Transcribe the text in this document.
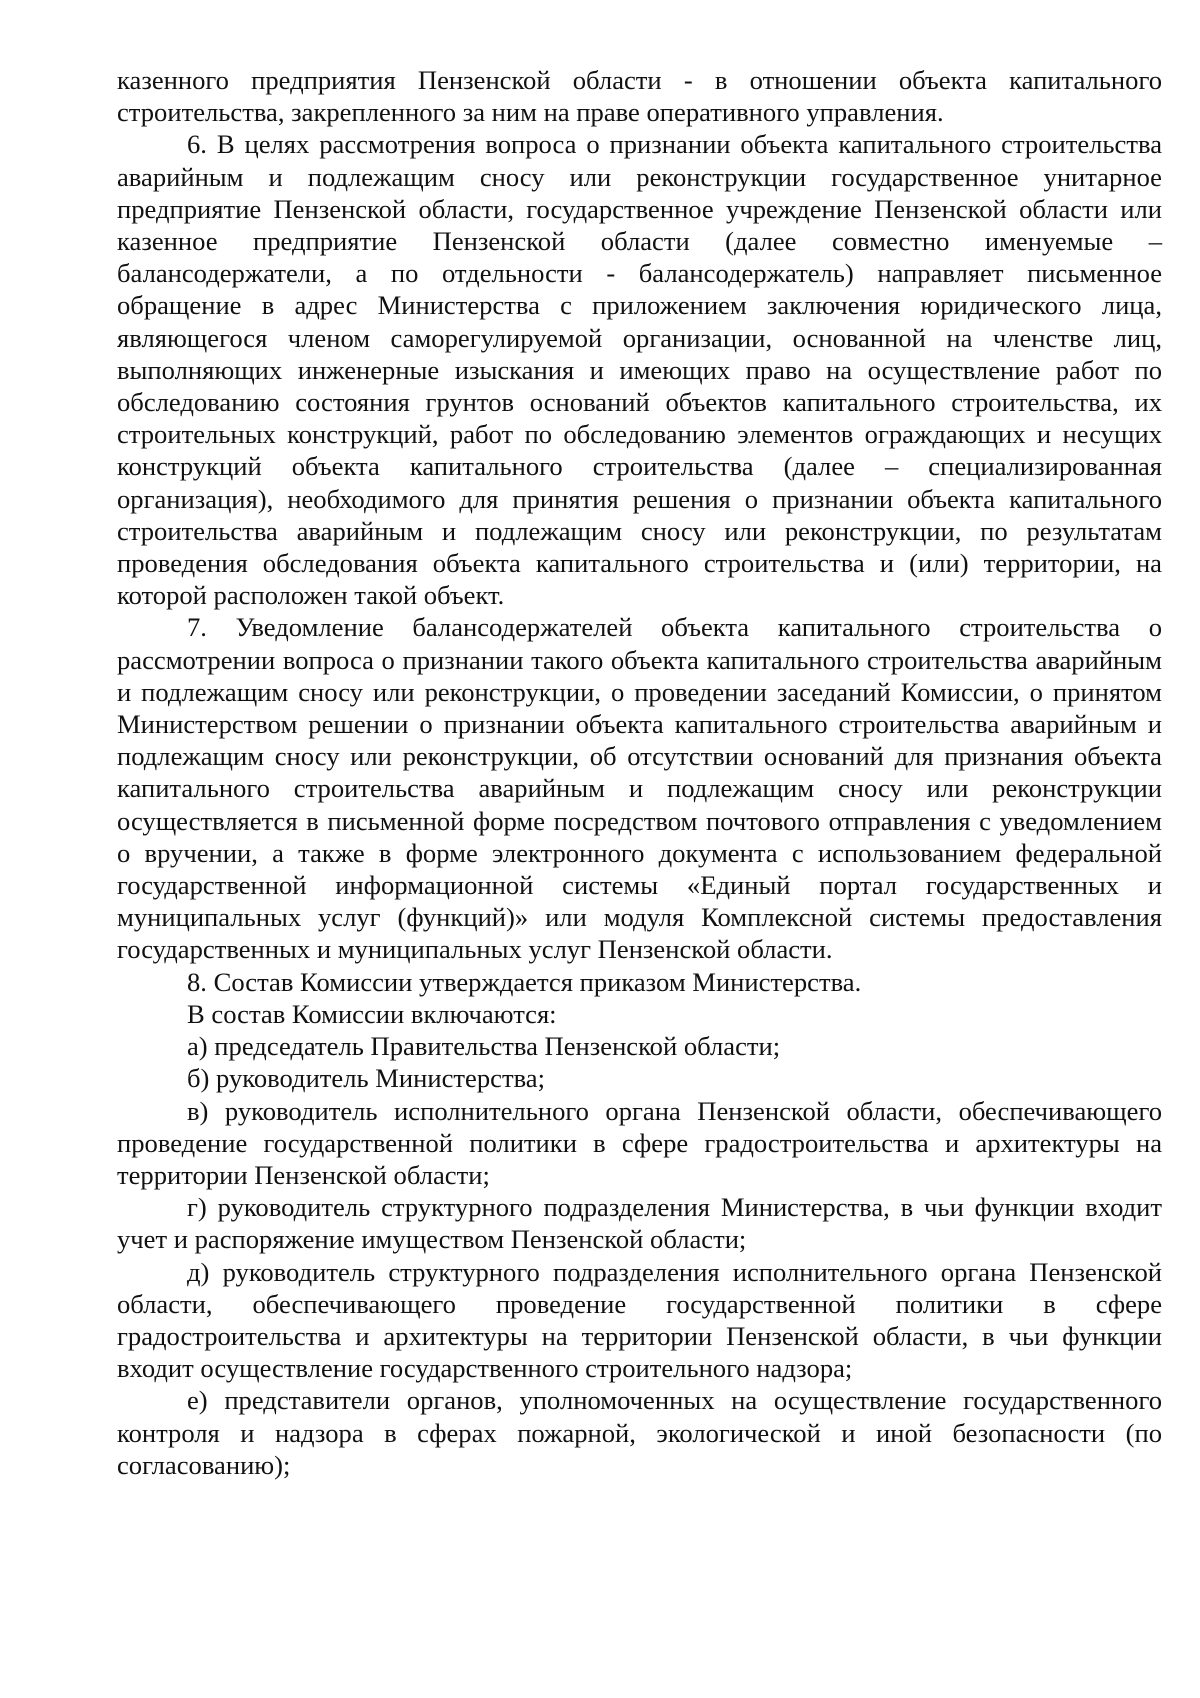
казенного предприятия Пензенской области - в отношении объекта капитального строительства, закрепленного за ним на праве оперативного управления.

6. В целях рассмотрения вопроса о признании объекта капитального строительства аварийным и подлежащим сносу или реконструкции государственное унитарное предприятие Пензенской области, государственное учреждение Пензенской области или казенное предприятие Пензенской области (далее совместно именуемые – балансодержатели, а по отдельности - балансодержатель) направляет письменное обращение в адрес Министерства с приложением заключения юридического лица, являющегося членом саморегулируемой организации, основанной на членстве лиц, выполняющих инженерные изыскания и имеющих право на осуществление работ по обследованию состояния грунтов оснований объектов капитального строительства, их строительных конструкций, работ по обследованию элементов ограждающих и несущих конструкций объекта капитального строительства (далее – специализированная организация), необходимого для принятия решения о признании объекта капитального строительства аварийным и подлежащим сносу или реконструкции, по результатам проведения обследования объекта капитального строительства и (или) территории, на которой расположен такой объект.

7. Уведомление балансодержателей объекта капитального строительства о рассмотрении вопроса о признании такого объекта капитального строительства аварийным и подлежащим сносу или реконструкции, о проведении заседаний Комиссии, о принятом Министерством решении о признании объекта капитального строительства аварийным и подлежащим сносу или реконструкции, об отсутствии оснований для признания объекта капитального строительства аварийным и подлежащим сносу или реконструкции осуществляется в письменной форме посредством почтового отправления с уведомлением о вручении, а также в форме электронного документа с использованием федеральной государственной информационной системы «Единый портал государственных и муниципальных услуг (функций)» или модуля Комплексной системы предоставления государственных и муниципальных услуг Пензенской области.

8. Состав Комиссии утверждается приказом Министерства.

В состав Комиссии включаются:

а) председатель Правительства Пензенской области;

б) руководитель Министерства;

в) руководитель исполнительного органа Пензенской области, обеспечивающего проведение государственной политики в сфере градостроительства и архитектуры на территории Пензенской области;

г) руководитель структурного подразделения Министерства, в чьи функции входит учет и распоряжение имуществом Пензенской области;

д) руководитель структурного подразделения исполнительного органа Пензенской области, обеспечивающего проведение государственной политики в сфере градостроительства и архитектуры на территории Пензенской области, в чьи функции входит осуществление государственного строительного надзора;

е) представители органов, уполномоченных на осуществление государственного контроля и надзора в сферах пожарной, экологической и иной безопасности (по согласованию);
